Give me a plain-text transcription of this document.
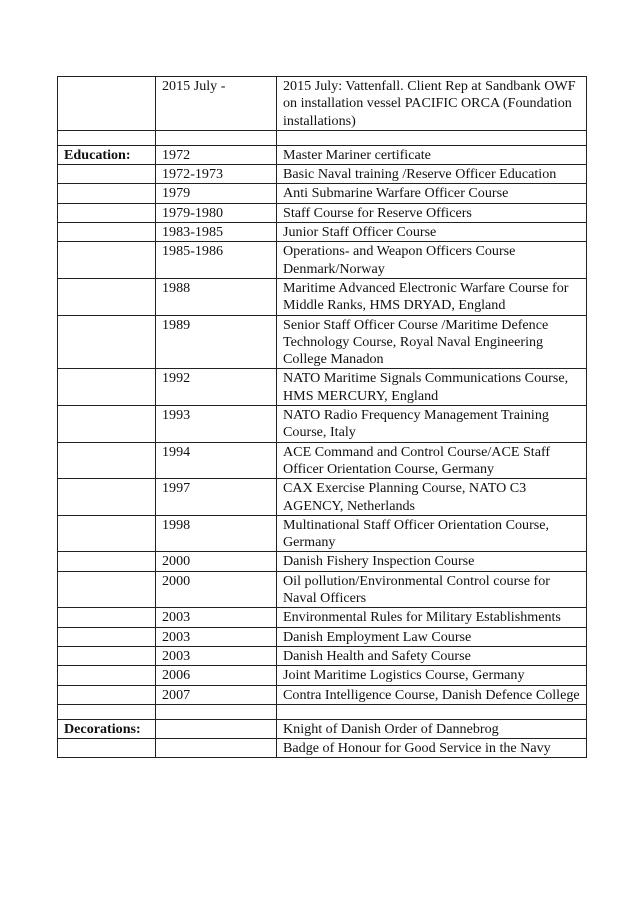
	2015 July -	2015 July: Vattenfall. Client Rep at Sandbank OWF on installation vessel PACIFIC ORCA (Foundation installations)

Education:	1972	Master Mariner certificate
	1972-1973	Basic Naval training /Reserve Officer Education
	1979	Anti Submarine Warfare Officer Course
	1979-1980	Staff Course for Reserve Officers
	1983-1985	Junior Staff Officer Course
	1985-1986	Operations- and Weapon Officers Course Denmark/Norway
	1988	Maritime Advanced Electronic Warfare Course for Middle Ranks, HMS DRYAD, England
	1989	Senior Staff Officer Course /Maritime Defence Technology Course, Royal Naval Engineering College Manadon
	1992	NATO Maritime Signals Communications Course, HMS MERCURY, England
	1993	NATO Radio Frequency Management Training Course, Italy
	1994	ACE Command and Control Course/ACE Staff Officer Orientation Course, Germany
	1997	CAX Exercise Planning Course, NATO C3 AGENCY, Netherlands
	1998	Multinational Staff Officer Orientation Course, Germany
	2000	Danish Fishery Inspection Course
	2000	Oil pollution/Environmental Control course for Naval Officers
	2003	Environmental Rules for Military Establishments
	2003	Danish Employment Law Course
	2003	Danish Health and Safety Course
	2006	Joint Maritime Logistics Course, Germany
	2007	Contra Intelligence Course, Danish Defence College

Decorations:		Knight of Danish Order of Dannebrog
		Badge of Honour for Good Service in the Navy
